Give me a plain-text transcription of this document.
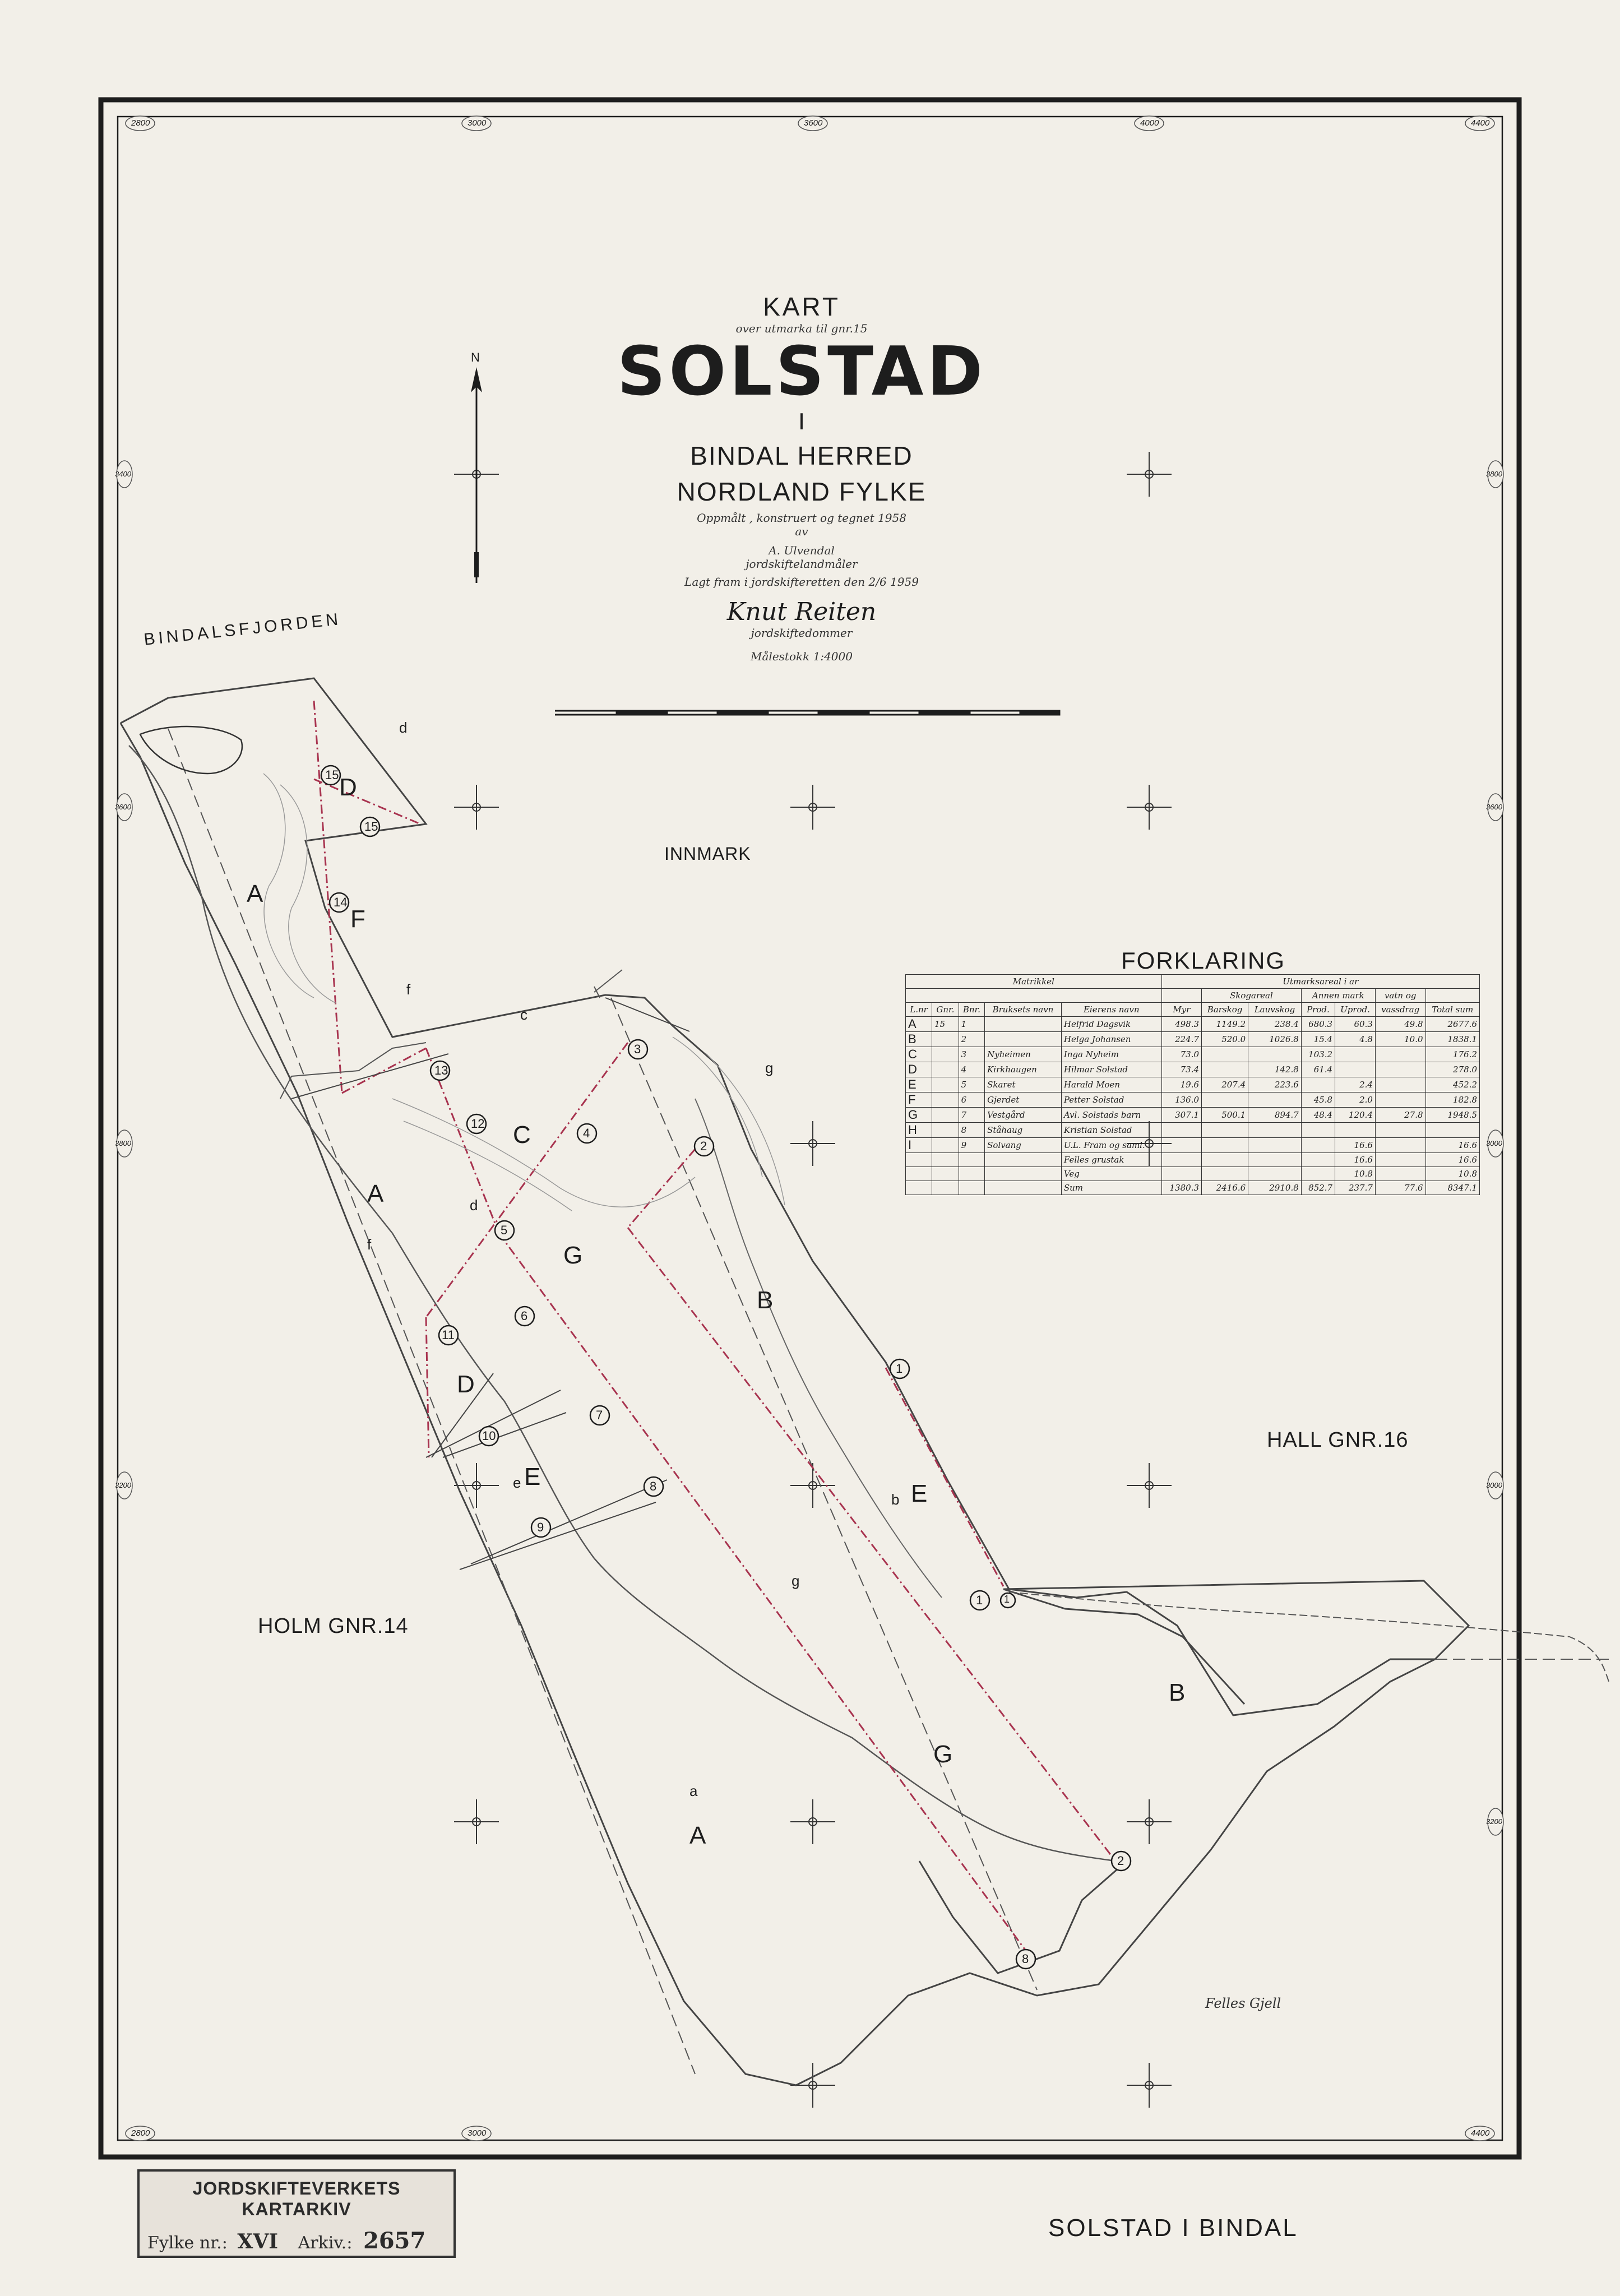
15
15
14
13
12
3
4
2
5
6
11
7
1
10
8
9
1 1
2
8
2800	3000	3600	4000	4400
2800	3000	4400
3400
3600
3800
3200
3800
3600
3000
3200
3000
KART
over utmarka til gnr.15
SOLSTAD
I
BINDAL HERRED
NORDLAND FYLKE
Oppmålt , konstruert og tegnet 1958
av
A. Ulvendal
jordskiftelandmåler
Lagt fram i jordskifteretten den 2/6 1959
Knut Reiten
jordskiftedommer
Målestokk 1:4000
N
BINDALSFJORDEN
INNMARK
HALL GNR.16
HOLM GNR.14
Felles Gjell
A
D
F
C
A
G
B
D
E
E
B
G
A
d
f
c
g
d
f
b
e
g
a
FORKLARING
Matrikkel					Utmarksareal i ar						
						Skogareal		Annen mark		vatn og	
L.nr	Gnr.	Bnr.	Bruksets navn	Eierens navn	Myr	Barskog	Lauvskog	Prod.	Uprod.	vassdrag	Total sum
A	15	1		Helfrid Dagsvik	498.3	1149.2	238.4	680.3	60.3	49.8	2677.6
B		2		Helga Johansen	224.7	520.0	1026.8	15.4	4.8	10.0	1838.1
C		3	Nyheimen	Inga Nyheim	73.0			103.2			176.2
D		4	Kirkhaugen	Hilmar Solstad	73.4		142.8	61.4			278.0
E		5	Skaret	Harald Moen	19.6	207.4	223.6		2.4		452.2
F		6	Gjerdet	Petter Solstad	136.0			45.8	2.0		182.8
G		7	Vestgård	Avl. Solstads barn	307.1	500.1	894.7	48.4	120.4	27.8	1948.5
H		8	Ståhaug	Kristian Solstad							
I		9	Solvang	U.L. Fram og saml.					16.6		16.6
				Felles grustak					16.6		16.6
				Veg					10.8		10.8
				Sum	1380.3	2416.6	2910.8	852.7	237.7	77.6	8347.1
JORDSKIFTEVERKETS KARTARKIV
Fylke nr.: XVI Arkiv.: 2657	SOLSTAD I BINDAL
